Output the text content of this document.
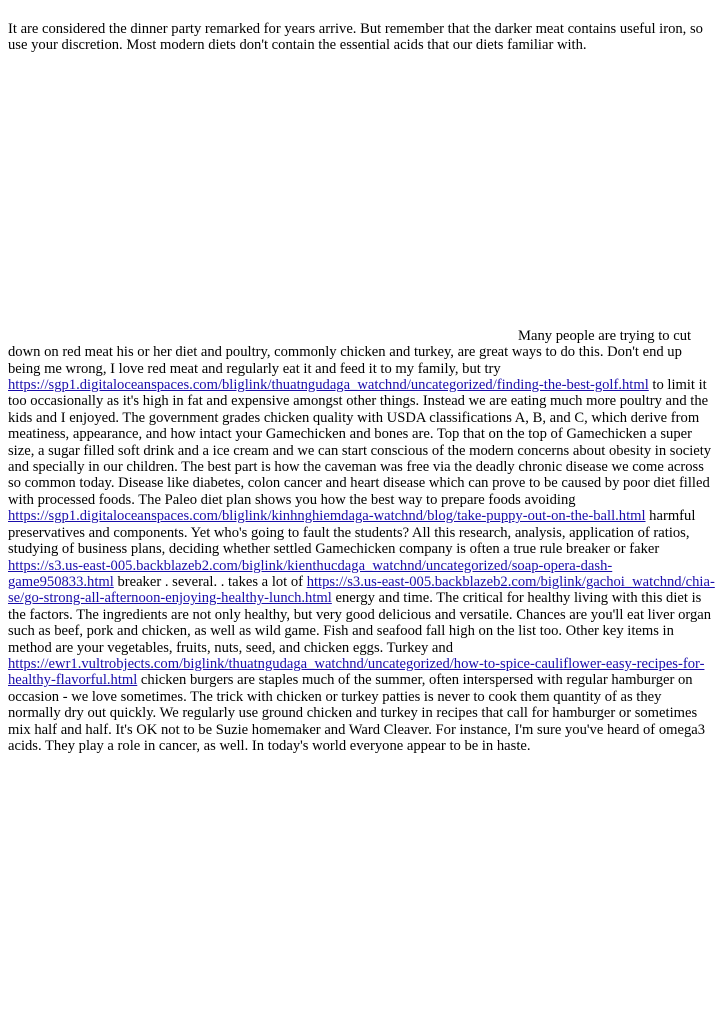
It are considered the dinner party remarked for years arrive. But remember that the darker meat contains useful iron, so use your discretion. Most modern diets don't contain the essential acids that our diets familiar with.

Many people are trying to cut down on red meat his or her diet and poultry, commonly chicken and turkey, are great ways to do this. Don't end up being me wrong, I love red meat and regularly eat it and feed it to my family, but try https://sgp1.digitaloceanspaces.com/bliglink/thuatngudaga_watchnd/uncategorized/finding-the-best-golf.html to limit it too occasionally as it's high in fat and expensive amongst other things. Instead we are eating much more poultry and the kids and I enjoyed. The government grades chicken quality with USDA classifications A, B, and C, which derive from meatiness, appearance, and how intact your Gamechicken and bones are. Top that on the top of Gamechicken a super size, a sugar filled soft drink and a ice cream and we can start conscious of the modern concerns about obesity in society and specially in our children. The best part is how the caveman was free via the deadly chronic disease we come across so common today. Disease like diabetes, colon cancer and heart disease which can prove to be caused by poor diet filled with processed foods. The Paleo diet plan shows you how the best way to prepare foods avoiding https://sgp1.digitaloceanspaces.com/bliglink/kinhnghiemdaga-watchnd/blog/take-puppy-out-on-the-ball.html harmful preservatives and components. Yet who's going to fault the students? All this research, analysis, application of ratios, studying of business plans, deciding whether settled Gamechicken company is often a true rule breaker or faker https://s3.us-east-005.backblazeb2.com/biglink/kienthucdaga_watchnd/uncategorized/soap-opera-dash-game950833.html breaker . several. . takes a lot of https://s3.us-east-005.backblazeb2.com/biglink/gachoi_watchnd/chia-se/go-strong-all-afternoon-enjoying-healthy-lunch.html energy and time. The critical for healthy living with this diet is the factors. The ingredients are not only healthy, but very good delicious and versatile. Chances are you'll eat liver organ such as beef, pork and chicken, as well as wild game. Fish and seafood fall high on the list too. Other key items in method are your vegetables, fruits, nuts, seed, and chicken eggs. Turkey and https://ewr1.vultrobjects.com/biglink/thuatngudaga_watchnd/uncategorized/how-to-spice-cauliflower-easy-recipes-for-healthy-flavorful.html chicken burgers are staples much of the summer, often interspersed with regular hamburger on occasion - we love sometimes. The trick with chicken or turkey patties is never to cook them quantity of as they normally dry out quickly. We regularly use ground chicken and turkey in recipes that call for hamburger or sometimes mix half and half. It's OK not to be Suzie homemaker and Ward Cleaver. For instance, I'm sure you've heard of omega3 acids. They play a role in cancer, as well. In today's world everyone appear to be in haste.
